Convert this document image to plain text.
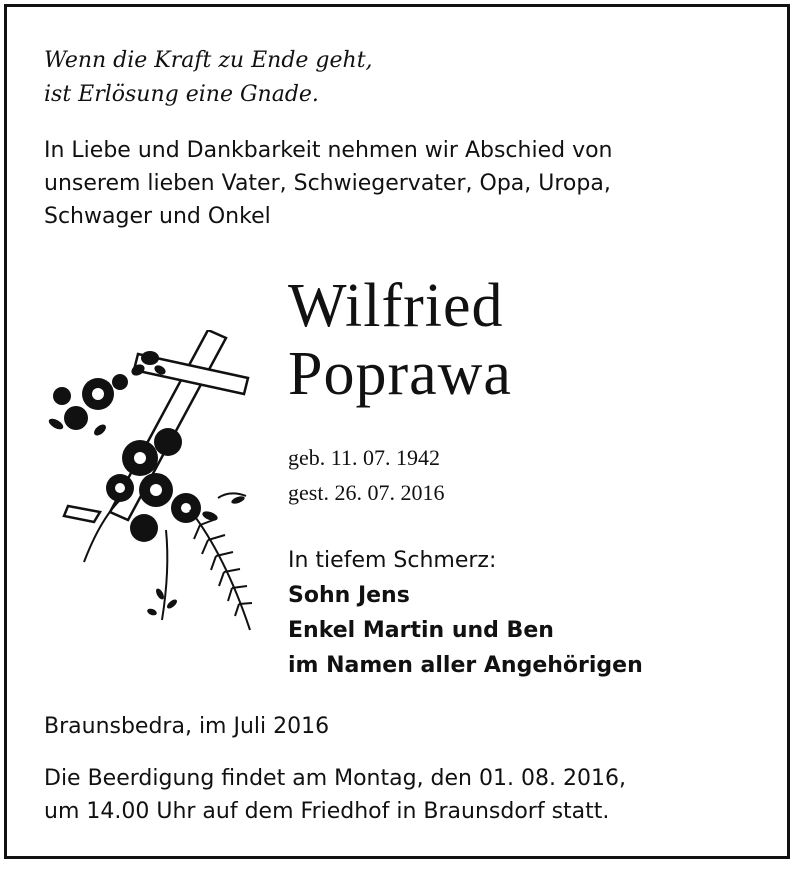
Wenn die Kraft zu Ende geht,
ist Erlösung eine Gnade.
In Liebe und Dankbarkeit nehmen wir Abschied von
unserem lieben Vater, Schwiegervater, Opa, Uropa,
Schwager und Onkel
Wilfried
Poprawa
geb. 11. 07. 1942
gest. 26. 07. 2016
In tiefem Schmerz:
Sohn Jens
Enkel Martin und Ben
im Namen aller Angehörigen
Braunsbedra, im Juli 2016
Die Beerdigung findet am Montag, den 01. 08. 2016,
um 14.00 Uhr auf dem Friedhof in Braunsdorf statt.
